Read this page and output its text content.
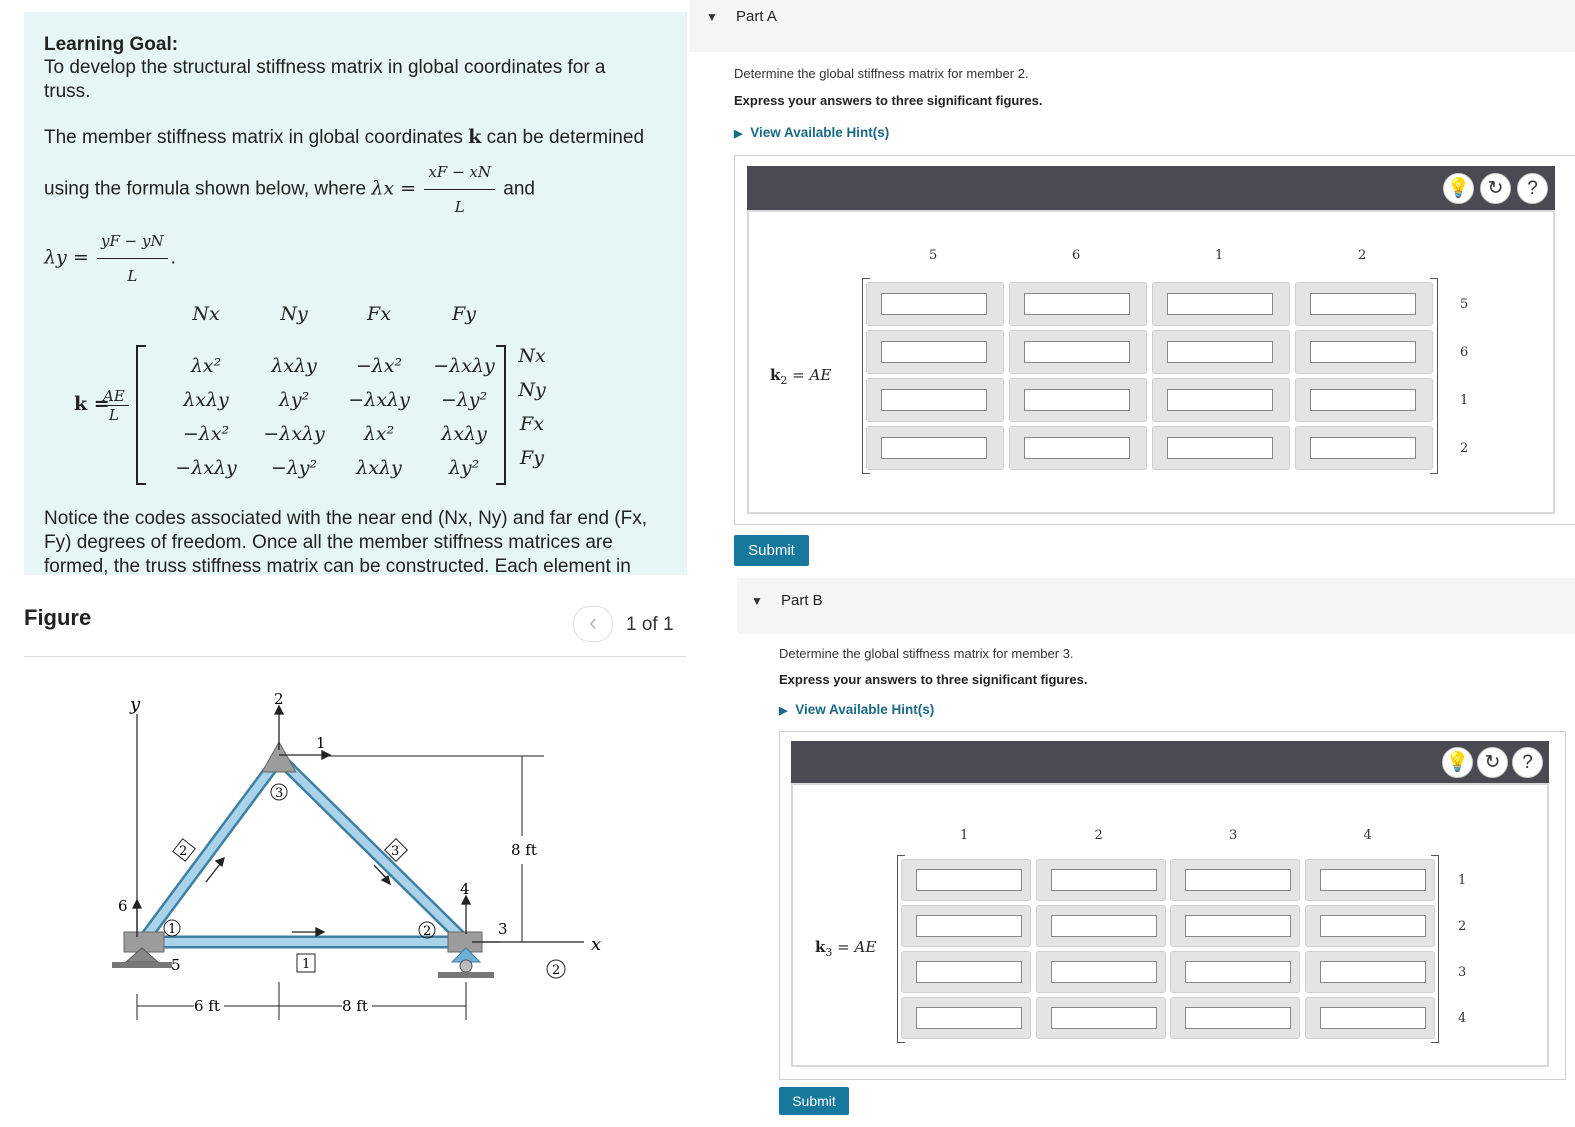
Learning Goal:
To develop the structural stiffness matrix in global coordinates for a truss.
The member stiffness matrix in global coordinates k can be determined using the formula shown below, where $\lambda x = \frac{xF - xN}{L}$ and
$\lambda y = \frac{yF - yN}{L}$ .
k =
$\frac{AE}{L}$
Nx	Ny	Fx	Fy
λx²	λxλy −λx² −λxλy
λxλy	λy² −λxλy −λy²
−λx² −λxλy λx² λxλy
−λxλy −λy² λxλy λy²
Nx
Ny
Fx
Fy
Notice the codes associated with the near end (Nx, Ny) and far end (Fx, Fy) degrees of freedom. Once all the member stiffness matrices are formed, the truss stiffness matrix can be constructed. Each element in
Figure	‹	1 of 1
y
x
2
1
6
5
4
3
1	2
3
2
1
2	3
6 ft	8 ft
8 ft
▼ Part A
Determine the global stiffness matrix for member 2.
Express your answers to three significant figures.
▶ View Available Hint(s)
💡 ↻	?
$k_2$ = AE
5	6	1	2
5
6
1
2
Submit
▼ Part B
Determine the global stiffness matrix for member 3.
Express your answers to three significant figures.
▶ View Available Hint(s)
💡 ↻	?
$k_3$ = AE
1	2	3	4
1
2
3
4
Submit
